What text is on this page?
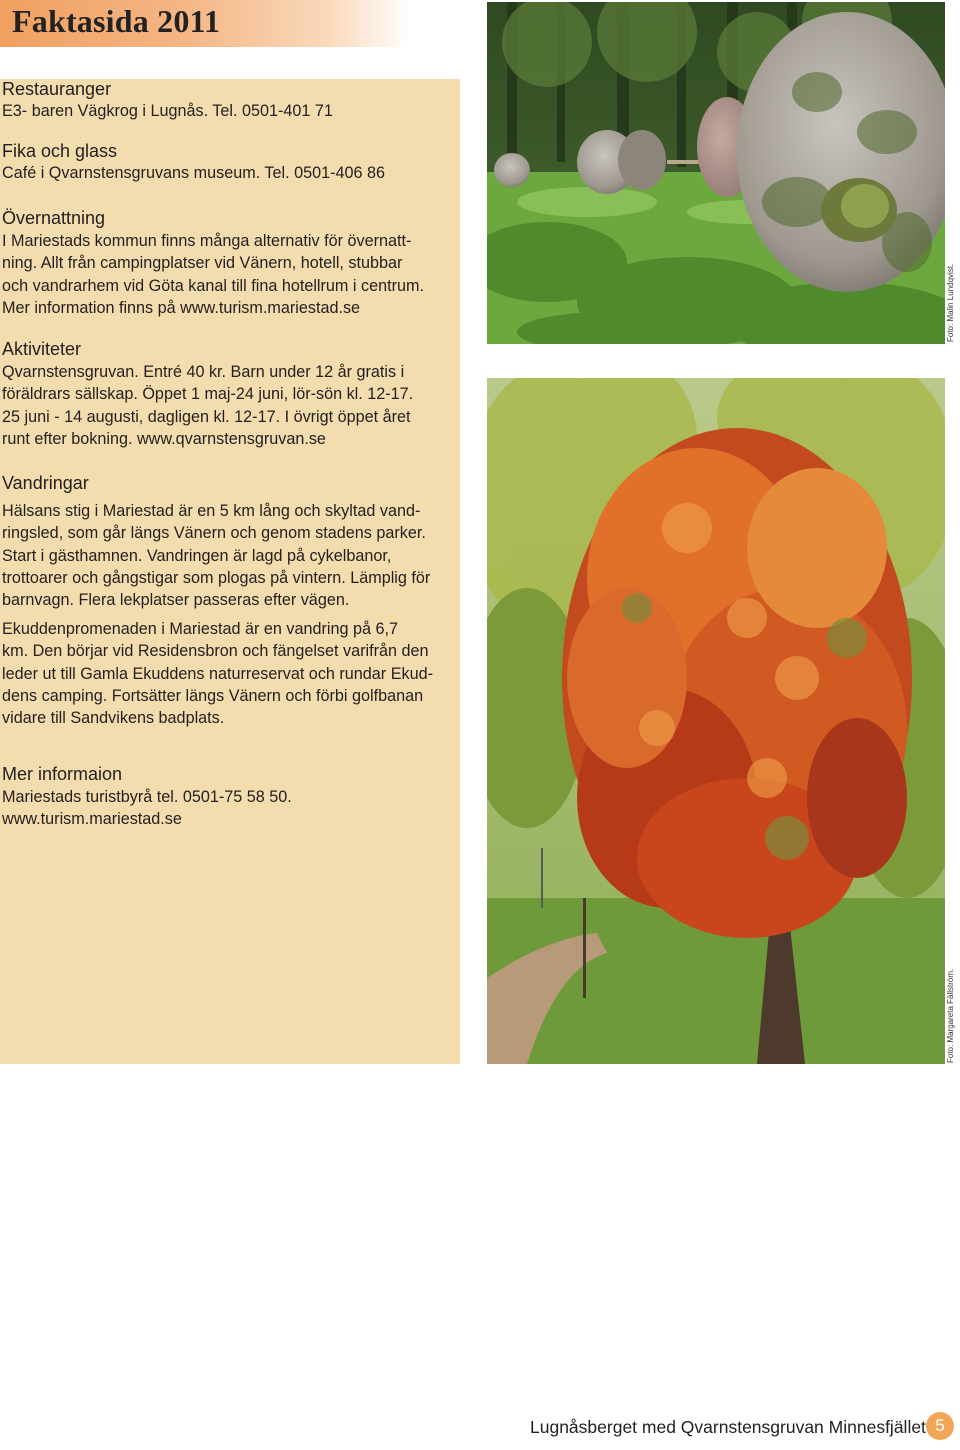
Faktasida 2011
Restauranger

E3- baren Vägkrog i Lugnås. Tel. 0501-401 71

Fika och glass

Café i Qvarnstensgruvans museum. Tel. 0501-406 86

Övernattning
I Mariestads kommun finns många alternativ för övernatt-
ning. Allt från campingplatser vid Vänern, hotell, stubbar
och vandrarhem vid Göta kanal till fina hotellrum i centrum.
Mer information finns på www.turism.mariestad.se
Aktiviteter
Qvarnstensgruvan. Entré 40 kr. Barn under 12 år gratis i
föräldrars sällskap. Öppet 1 maj-24 juni, lör-sön kl. 12-17.
25 juni - 14 augusti, dagligen kl. 12-17. I övrigt öppet året
runt efter bokning. www.qvarnstensgruvan.se
Vandringar
Hälsans stig i Mariestad är en 5 km lång och skyltad vand-
ringsled, som går längs Vänern och genom stadens parker.
Start i gästhamnen. Vandringen är lagd på cykelbanor,
trottoarer och gångstigar som plogas på vintern. Lämplig för
barnvagn. Flera lekplatser passeras efter vägen.
Ekuddenpromenaden i Mariestad är en vandring på 6,7
km. Den börjar vid Residensbron och fängelset varifrån den
leder ut till Gamla Ekuddens naturreservat och rundar Ekud-
dens camping. Fortsätter längs Vänern och förbi golfbanan
vidare till Sandvikens badplats.
Mer informaion
Mariestads turistbyrå tel. 0501-75 58 50.
www.turism.mariestad.se
Foto: Malin Lundqvist.
Foto: Margareta Fällström.
Lugnåsberget med Qvarnstensgruvan Minnesfjället 5
